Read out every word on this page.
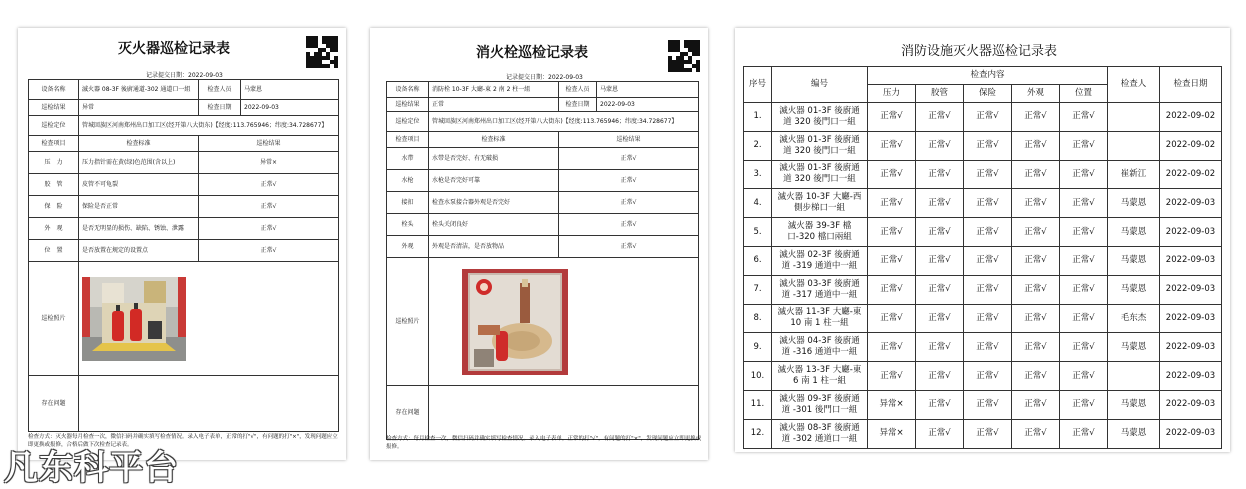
灭火器巡检记录表
记录提交日期：2022-09-03
设备名称	滅火器 08-3F 後廚通道-302 通道口一組	检查人员	马蒙恩
巡检结果	异常	检查日期	2022-09-03
巡检定位	管城回族区河南郑州出口加工区(经开第八大街东)【经度:113.765946；纬度:34.728677】		
检查项目	检查标准	巡检结果	
压　力	压力指针需在黄(绿)色范围(含以上)	异常×	
胶　管	皮管不可龟裂	正常√	
保　险	保险是否正常	正常√	
外　观	是否无明显的损伤、缺陷、锈蚀、泄露	正常√	
位　置	是否放置在规定的设置点	正常√	
巡检照片	

存在问题			
检查方式：灭火器每月检查一次，微信扫码并确实填写检查情况。录入电子表单，正常的打"√"，有问题的打"×"，发现问题应立即更换或报修，合格后做下次检查记录表。
消火栓巡检记录表
记录提交日期：2022-09-03
设备名称	消防栓 10-3F 大廳-東 2 南 2 柱一組	检查人员	马蒙恩
巡检结果	正常	检查日期	2022-09-03
巡检定位	管城回族区河南郑州出口加工区(经开第八大街东)【经度:113.765946；纬度:34.728677】		
检查项目	检查标准	巡检结果	
水带	水带是否完好、有无破损	正常√	
水枪	水枪是否完好可靠	正常√	
接扣	检查水泵接合器外观是否完好	正常√	
栓头	栓头关闭良好	正常√	
外观	外观是否清洁，是否放物品	正常√	
巡检照片	

存在问题			
检查方式：每月检查一次，微信扫码并确实填写检查情况。录入电子表单，正常的打"√"，有问题的打"×"，发现问题应立即更换或报修。
消防设施灭火器巡检记录表
序号	编号	检查内容					检查人	检查日期
		压力	胶管	保险	外观	位置		
1.	滅火器 01-3F 後廚通道 320 後門口一組	正常√	正常√	正常√	正常√	正常√		2022-09-02
2.	滅火器 01-3F 後廚通道 320 後門口一組	正常√	正常√	正常√	正常√	正常√		2022-09-02
3.	滅火器 01-3F 後廚通道 320 後門口一組	正常√	正常√	正常√	正常√	正常√	崔新江	2022-09-02
4.	滅火器 10-3F 大廳-西側步梯口一組	正常√	正常√	正常√	正常√	正常√	马蒙恩	2022-09-03
5.	滅火器 39-3F 檔口-320 檔口兩組	正常√	正常√	正常√	正常√	正常√	马蒙恩	2022-09-03
6.	滅火器 02-3F 後廚通道 -319 通道中一組	正常√	正常√	正常√	正常√	正常√	马蒙恩	2022-09-03
7.	滅火器 03-3F 後廚通道 -317 通道中一組	正常√	正常√	正常√	正常√	正常√	马蒙恩	2022-09-03
8.	滅火器 11-3F 大廳-東 10 南 1 柱一組	正常√	正常√	正常√	正常√	正常√	毛东杰	2022-09-03
9.	滅火器 04-3F 後廚通道 -316 通道中一組	正常√	正常√	正常√	正常√	正常√	马蒙恩	2022-09-03
10.	滅火器 13-3F 大廳-東 6 南 1 柱一組	正常√	正常√	正常√	正常√	正常√		2022-09-03
11.	滅火器 09-3F 後廚通道 -301 後門口一組	异常×	正常√	正常√	正常√	正常√	马蒙恩	2022-09-03
12.	滅火器 08-3F 後廚通道 -302 通道口一組	异常×	正常√	正常√	正常√	正常√	马蒙恩	2022-09-03
凡东科平台
